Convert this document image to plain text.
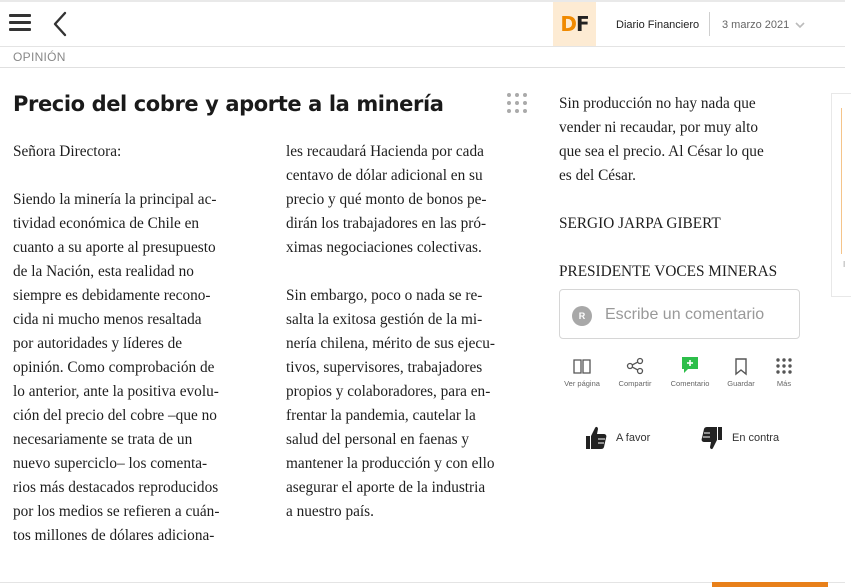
D F Diario Financiero 3 marzo 2021
OPINIÓN
Precio del cobre y aporte a la minería

Señora Directora:

Siendo la minería la principal ac-

tividad económica de Chile en

cuanto a su aporte al presupuesto

de la Nación, esta realidad no

siempre es debidamente recono-

cida ni mucho menos resaltada

por autoridades y líderes de

opinión. Como comprobación de

lo anterior, ante la positiva evolu-

ción del precio del cobre –que no

necesariamente se trata de un

nuevo superciclo– los comenta-

rios más destacados reproducidos

por los medios se refieren a cuán-

tos millones de dólares adiciona-

les recaudará Hacienda por cada

centavo de dólar adicional en su

precio y qué monto de bonos pe-

dirán los trabajadores en las pró-

ximas negociaciones colectivas.

Sin embargo, poco o nada se re-

salta la exitosa gestión de la mi-

nería chilena, mérito de sus ejecu-

tivos, supervisores, trabajadores

propios y colaboradores, para en-

frentar la pandemia, cautelar la

salud del personal en faenas y

mantener la producción y con ello

asegurar el aporte de la industria

a nuestro país.

Sin producción no hay nada que

vender ni recaudar, por muy alto

que sea el precio. Al César lo que

es del César.

SERGIO JARPA GIBERT

PRESIDENTE VOCES MINERAS

R
Escribe un comentario
Ver página	Compartir	Comentario	Guardar	Más
A favor	En contra
I
